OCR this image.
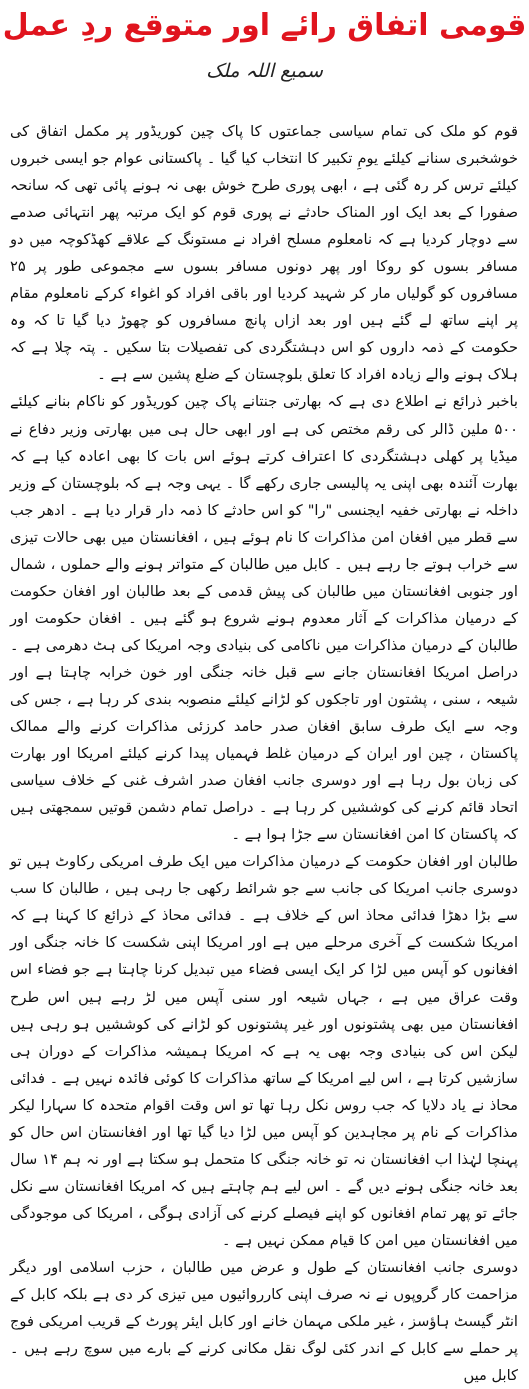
قومی اتفاق رائے اور متوقع ردِ عمل
سمیع اللہ ملک

قوم کو ملک کی تمام سیاسی جماعتوں کا پاک چین کوریڈور پر مکمل اتفاق کی خوشخبری سنانے کیلئے یومِ تکبیر کا انتخاب کیا گیا ۔ پاکستانی عوام جو ایسی خبروں کیلئے ترس کر رہ گئی ہے ، ابھی پوری طرح خوش بھی نہ ہونے پائی تھی کہ سانحہ صفورا کے بعد ایک اور المناک حادثے نے پوری قوم کو ایک مرتبہ پھر انتہائی صدمے سے دوچار کردیا ہے کہ نامعلوم مسلح افراد نے مستونگ کے علاقے کھڈکوچہ میں دو مسافر بسوں کو روکا اور پھر دونوں مسافر بسوں سے مجموعی طور پر ۲۵ مسافروں کو گولیاں مار کر شہید کردیا اور باقی افراد کو اغواء کرکے نامعلوم مقام پر اپنے ساتھ لے گئے ہیں اور بعد ازاں پانچ مسافروں کو چھوڑ دیا گیا تا کہ وہ حکومت کے ذمہ داروں کو اس دہشتگردی کی تفصیلات بتا سکیں ۔ پتہ چلا ہے کہ ہلاک ہونے والے زیادہ افراد کا تعلق بلوچستان کے ضلع پشین سے ہے ۔

باخبر ذرائع نے اطلاع دی ہے کہ بھارتی جنتانے پاک چین کوریڈور کو ناکام بنانے کیلئے ۵۰۰ ملین ڈالر کی رقم مختص کی ہے اور ابھی حال ہی میں بھارتی وزیر دفاع نے میڈیا پر کھلی دہشتگردی کا اعتراف کرتے ہوئے اس بات کا بھی اعادہ کیا ہے کہ بھارت آئندہ بھی اپنی یہ پالیسی جاری رکھے گا ۔ یہی وجہ ہے کہ بلوچستان کے وزیر داخلہ نے بھارتی خفیہ ایجنسی "را" کو اس حادثے کا ذمہ دار قرار دیا ہے ۔ ادھر جب سے قطر میں افغان امن مذاکرات کا نام ہوئے ہیں ، افغانستان میں بھی حالات تیزی سے خراب ہوتے جا رہے ہیں ۔ کابل میں طالبان کے متواتر ہونے والے حملوں ، شمال اور جنوبی افغانستان میں طالبان کی پیش قدمی کے بعد طالبان اور افغان حکومت کے درمیان مذاکرات کے آثار معدوم ہونے شروع ہو گئے ہیں ۔ افغان حکومت اور طالبان کے درمیان مذاکرات میں ناکامی کی بنیادی وجہ امریکا کی ہٹ دھرمی ہے ۔ دراصل امریکا افغانستان جانے سے قبل خانہ جنگی اور خون خرابہ چاہتا ہے اور شیعہ ، سنی ، پشتون اور تاجکوں کو لڑانے کیلئے منصوبہ بندی کر رہا ہے ، جس کی وجہ سے ایک طرف سابق افغان صدر حامد کرزئی مذاکرات کرنے والے ممالک پاکستان ، چین اور ایران کے درمیان غلط فہمیاں پیدا کرنے کیلئے امریکا اور بھارت کی زبان بول رہا ہے اور دوسری جانب افغان صدر اشرف غنی کے خلاف سیاسی اتحاد قائم کرنے کی کوششیں کر رہا ہے ۔ دراصل تمام دشمن قوتیں سمجھتی ہیں کہ پاکستان کا امن افغانستان سے جڑا ہوا ہے ۔

طالبان اور افغان حکومت کے درمیان مذاکرات میں ایک طرف امریکی رکاوٹ ہیں تو دوسری جانب امریکا کی جانب سے جو شرائط رکھی جا رہی ہیں ، طالبان کا سب سے بڑا دھڑا فدائی محاذ اس کے خلاف ہے ۔ فدائی محاذ کے ذرائع کا کہنا ہے کہ امریکا شکست کے آخری مرحلے میں ہے اور امریکا اپنی شکست کا خانہ جنگی اور افغانوں کو آپس میں لڑا کر ایک ایسی فضاء میں تبدیل کرنا چاہتا ہے جو فضاء اس وقت عراق میں ہے ، جہاں شیعہ اور سنی آپس میں لڑ رہے ہیں اس طرح افغانستان میں بھی پشتونوں اور غیر پشتونوں کو لڑانے کی کوششیں ہو رہی ہیں لیکن اس کی بنیادی وجہ بھی یہ ہے کہ امریکا ہمیشہ مذاکرات کے دوران ہی سازشیں کرتا ہے ، اس لیے امریکا کے ساتھ مذاکرات کا کوئی فائدہ نہیں ہے ۔ فدائی محاذ نے یاد دلایا کہ جب روس نکل رہا تھا تو اس وقت اقوام متحدہ کا سہارا لیکر مذاکرات کے نام پر مجاہدین کو آپس میں لڑا دیا گیا تھا اور افغانستان اس حال کو پہنچا لہٰذا اب افغانستان نہ تو خانہ جنگی کا متحمل ہو سکتا ہے اور نہ ہم ۱۴ سال بعد خانہ جنگی ہونے دیں گے ۔ اس لیے ہم چاہتے ہیں کہ امریکا افغانستان سے نکل جائے تو پھر تمام افغانوں کو اپنے فیصلے کرنے کی آزادی ہوگی ، امریکا کی موجودگی میں افغانستان میں امن کا قیام ممکن نہیں ہے ۔

دوسری جانب افغانستان کے طول و عرض میں طالبان ، حزب اسلامی اور دیگر مزاحمت کار گروپوں نے نہ صرف اپنی کارروائیوں میں تیزی کر دی ہے بلکہ کابل کے انٹر گیسٹ ہاؤسز ، غیر ملکی مہمان خانے اور کابل ایئر پورٹ کے قریب امریکی فوج پر حملے سے کابل کے اندر کئی لوگ نقل مکانی کرنے کے بارے میں سوچ رہے ہیں ۔ کابل میں
